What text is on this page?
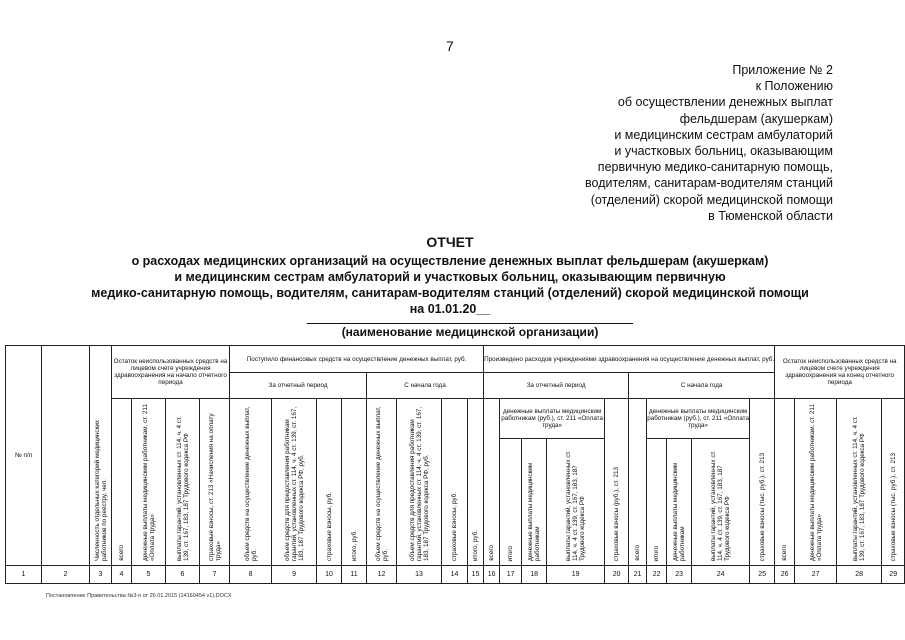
7
Приложение № 2
к Положению
об осуществлении денежных выплат
фельдшерам (акушеркам)
и медицинским сестрам амбулаторий
и участковых больниц, оказывающим
первичную медико-санитарную помощь,
водителям, санитарам-водителям станций
(отделений) скорой медицинской помощи
в Тюменской области
ОТЧЕТ
о расходах медицинских организаций на осуществление денежных выплат фельдшерам (акушеркам)
и медицинским сестрам амбулаторий и участковых больниц, оказывающим первичную
медико-санитарную помощь, водителям, санитарам-водителям станций (отделений) скорой медицинской помощи
на 01.01.20__
(наименование медицинской организации)
№ п/п		Численность отдельных категорий медицинских работников по реестру, чел.	Остаток неиспользованных средств на лицевом счете учреждения здравоохранения на начало отчетного периода				Поступило финансовых средств на осуществление денежных выплат, руб.								Произведено расходов учреждениями здравоохранения на осуществление денежных выплат, руб.										Остаток неиспользованных средств на лицевом счете учреждения здравоохранения на конец отчетного периода			
							За отчетный период				С начала года				За отчетный период					С начала года								
			всего	денежные выплаты медицинским работникам, ст. 211 «Оплата труда»	выплаты гарантий, установленных ст. 114, ч. 4 ст. 139, ст. 167, 183, 187 Трудового кодекса РФ	страховые взносы, ст. 213 «Начисления на оплату труда»	объем средств на осуществление денежных выплат, руб.	объем средств для предоставления работникам гарантий, установленных ст. 114, ч. 4 ст. 139, ст. 167, 183, 187 Трудового кодекса РФ, руб.	страховые взносы, руб.	итого, руб.	объем средств на осуществление денежных выплат, руб.	объем средств для предоставления работникам гарантий, установленных ст. 114, ч. 4 ст. 139, ст. 167, 183, 187 Трудового кодекса РФ, руб.	страховые взносы, руб.	итого, руб.	всего	денежные выплаты медицинским работникам (руб.), ст. 211 «Оплата труда»			страховые взносы (руб.), ст. 213	всего	денежные выплаты медицинским работникам (руб.), ст. 211 «Оплата труда»			страховые взносы (тыс. руб.), ст. 213	всего	денежные выплаты медицинским работникам, ст. 211 «Оплата труда»	выплаты гарантий, установленных ст. 114, ч. 4 ст. 139, ст. 167, 183, 187 Трудового кодекса РФ	страховые взносы (тыс. руб.), ст. 213
																итого	денежные выплаты медицинским работникам	выплаты гарантий, установленных ст. 114, ч. 4 ст. 139, ст. 167, 183, 187 Трудового кодекса РФ			итого	денежные выплаты медицинским работникам	выплаты гарантий, установленных ст. 114, ч. 4 ст. 139, ст. 167, 183, 187 Трудового кодекса РФ					
1	2	3	4	5	6	7	8	9	10	11	12	13	14	15	16	17	18	19	20	21	22	23	24	25	26	27	28	29
Постановление Правительства №3-п от 26.01.2015 (14160454 v1).DOCX
